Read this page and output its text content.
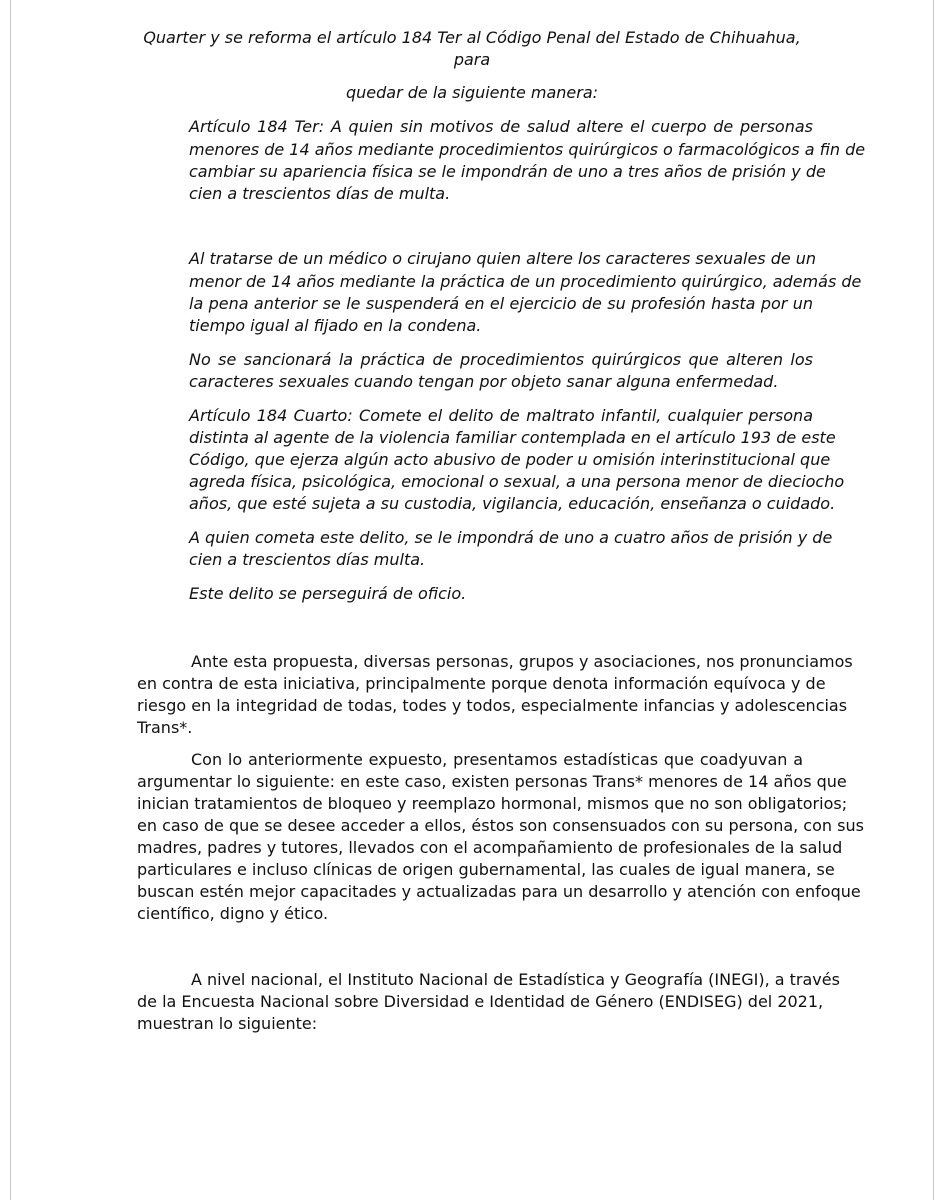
Quarter y se reforma el artículo 184 Ter al Código Penal del Estado de Chihuahua,
para
quedar de la siguiente manera:
Artículo 184 Ter: A quien sin motivos de salud altere el cuerpo de personas
menores de 14 años mediante procedimientos quirúrgicos o farmacológicos a fin de
cambiar su apariencia física se le impondrán de uno a tres años de prisión y de
cien a trescientos días de multa.
Al tratarse de un médico o cirujano quien altere los caracteres sexuales de un
menor de 14 años mediante la práctica de un procedimiento quirúrgico, además de
la pena anterior se le suspenderá en el ejercicio de su profesión hasta por un
tiempo igual al fijado en la condena.
No se sancionará la práctica de procedimientos quirúrgicos que alteren los
caracteres sexuales cuando tengan por objeto sanar alguna enfermedad.
Artículo 184 Cuarto: Comete el delito de maltrato infantil, cualquier persona
distinta al agente de la violencia familiar contemplada en el artículo 193 de este
Código, que ejerza algún acto abusivo de poder u omisión interinstitucional que
agreda física, psicológica, emocional o sexual, a una persona menor de dieciocho
años, que esté sujeta a su custodia, vigilancia, educación, enseñanza o cuidado.
A quien cometa este delito, se le impondrá de uno a cuatro años de prisión y de
cien a trescientos días multa.
Este delito se perseguirá de oficio.
Ante esta propuesta, diversas personas, grupos y asociaciones, nos pronunciamos
en contra de esta iniciativa, principalmente porque denota información equívoca y de
riesgo en la integridad de todas, todes y todos, especialmente infancias y adolescencias
Trans*.
Con lo anteriormente expuesto, presentamos estadísticas que coadyuvan a
argumentar lo siguiente: en este caso, existen personas Trans* menores de 14 años que
inician tratamientos de bloqueo y reemplazo hormonal, mismos que no son obligatorios;
en caso de que se desee acceder a ellos, éstos son consensuados con su persona, con sus
madres, padres y tutores, llevados con el acompañamiento de profesionales de la salud
particulares e incluso clínicas de origen gubernamental, las cuales de igual manera, se
buscan estén mejor capacitades y actualizadas para un desarrollo y atención con enfoque
científico, digno y ético.
A nivel nacional, el Instituto Nacional de Estadística y Geografía (INEGI), a través
de la Encuesta Nacional sobre Diversidad e Identidad de Género (ENDISEG) del 2021,
muestran lo siguiente:
